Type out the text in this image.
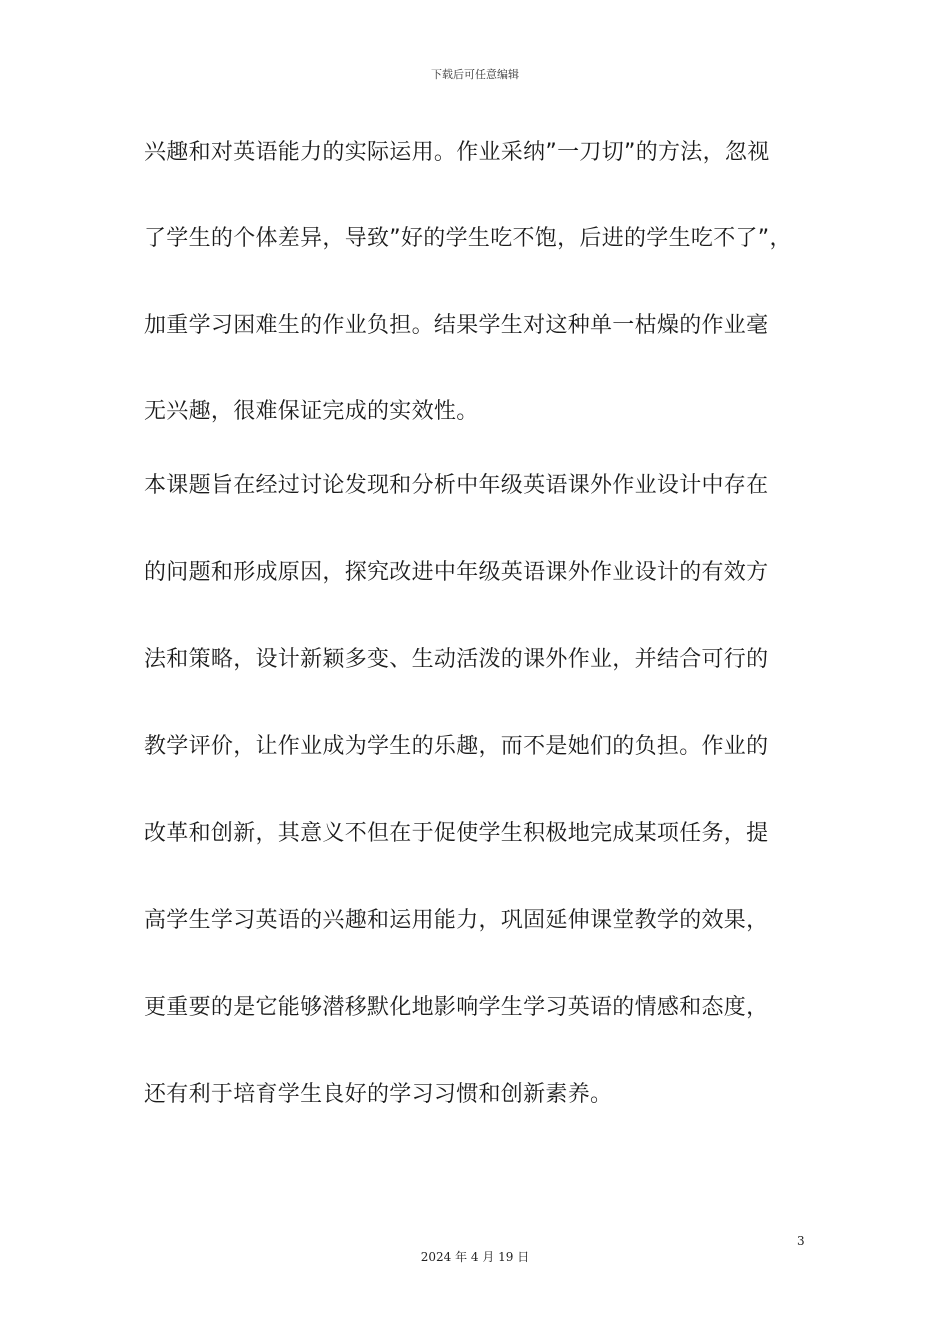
下载后可任意编辑
兴趣和对英语能力的实际运用。作业采纳”一刀切”的方法，忽视
了学生的个体差异，导致”好的学生吃不饱，后进的学生吃不了”，
加重学习困难生的作业负担。结果学生对这种单一枯燥的作业毫
无兴趣，很难保证完成的实效性。
本课题旨在经过讨论发现和分析中年级英语课外作业设计中存在
的问题和形成原因，探究改进中年级英语课外作业设计的有效方
法和策略，设计新颖多变、生动活泼的课外作业，并结合可行的
教学评价，让作业成为学生的乐趣，而不是她们的负担。作业的
改革和创新，其意义不但在于促使学生积极地完成某项任务，提
高学生学习英语的兴趣和运用能力，巩固延伸课堂教学的效果，
更重要的是它能够潜移默化地影响学生学习英语的情感和态度，
还有利于培育学生良好的学习习惯和创新素养。
3
2024 年 4 月 19 日
